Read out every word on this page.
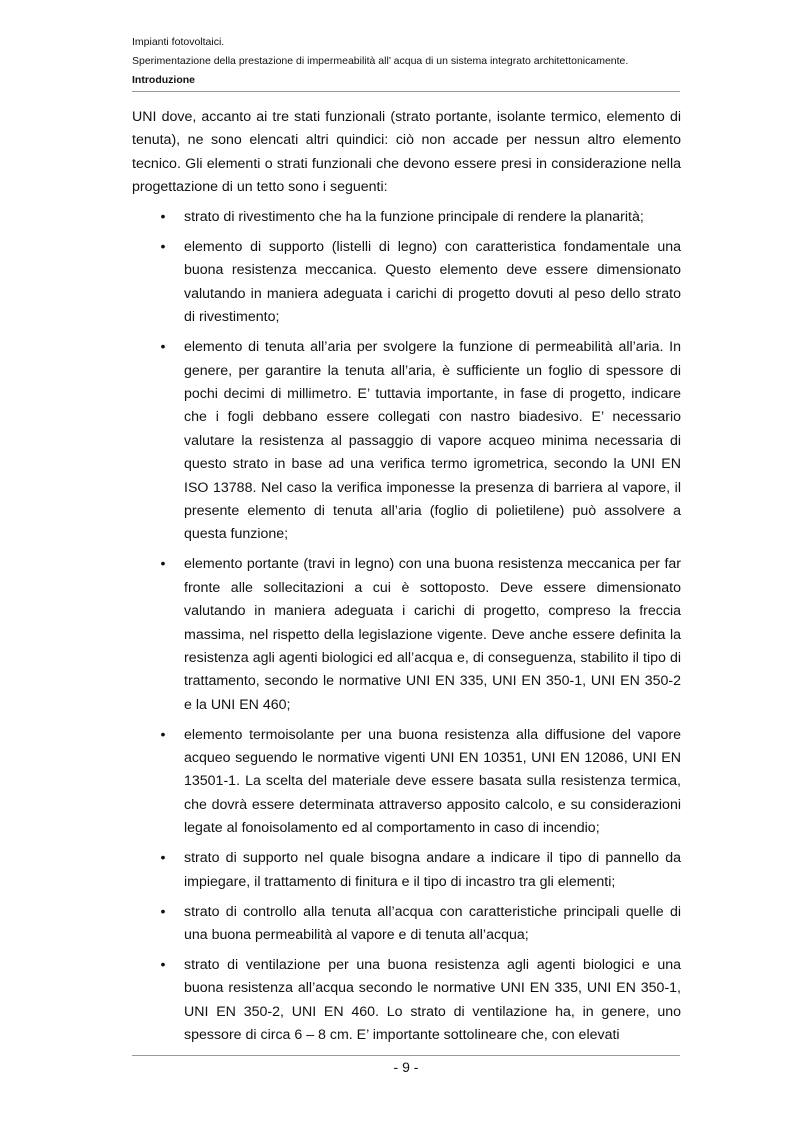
Impianti fotovoltaici.
Sperimentazione della prestazione di impermeabilità all’ acqua di un sistema integrato architettonicamente.
Introduzione

UNI dove, accanto ai tre stati funzionali (strato portante, isolante termico, elemento di tenuta), ne sono elencati altri quindici: ciò non accade per nessun altro elemento tecnico. Gli elementi o strati funzionali che devono essere presi in considerazione nella progettazione di un tetto sono i seguenti:

• strato di rivestimento che ha la funzione principale di rendere la planarità;
• elemento di supporto (listelli di legno) con caratteristica fondamentale una buona resistenza meccanica. Questo elemento deve essere dimensionato valutando in maniera adeguata i carichi di progetto dovuti al peso dello strato di rivestimento;
• elemento di tenuta all’aria per svolgere la funzione di permeabilità all’aria. In genere, per garantire la tenuta all’aria, è sufficiente un foglio di spessore di pochi decimi di millimetro. E’ tuttavia importante, in fase di progetto, indicare che i fogli debbano essere collegati con nastro biadesivo. E’ necessario valutare la resistenza al passaggio di vapore acqueo minima necessaria di questo strato in base ad una verifica termo igrometrica, secondo la UNI EN ISO 13788. Nel caso la verifica imponesse la presenza di barriera al vapore, il presente elemento di tenuta all’aria (foglio di polietilene) può assolvere a questa funzione;
• elemento portante (travi in legno) con una buona resistenza meccanica per far fronte alle sollecitazioni a cui è sottoposto. Deve essere dimensionato valutando in maniera adeguata i carichi di progetto, compreso la freccia massima, nel rispetto della legislazione vigente. Deve anche essere definita la resistenza agli agenti biologici ed all’acqua e, di conseguenza, stabilito il tipo di trattamento, secondo le normative UNI EN 335, UNI EN 350-1, UNI EN 350-2 e la UNI EN 460;
• elemento termoisolante per una buona resistenza alla diffusione del vapore acqueo seguendo le normative vigenti UNI EN 10351, UNI EN 12086, UNI EN 13501-1. La scelta del materiale deve essere basata sulla resistenza termica, che dovrà essere determinata attraverso apposito calcolo, e su considerazioni legate al fonoisolamento ed al comportamento in caso di incendio;
• strato di supporto nel quale bisogna andare a indicare il tipo di pannello da impiegare, il trattamento di finitura e il tipo di incastro tra gli elementi;
• strato di controllo alla tenuta all’acqua con caratteristiche principali quelle di una buona permeabilità al vapore e di tenuta all’acqua;
• strato di ventilazione per una buona resistenza agli agenti biologici e una buona resistenza all’acqua secondo le normative UNI EN 335, UNI EN 350-1, UNI EN 350-2, UNI EN 460. Lo strato di ventilazione ha, in genere, uno spessore di circa 6 – 8 cm. E’ importante sottolineare che, con elevati
- 9 -
